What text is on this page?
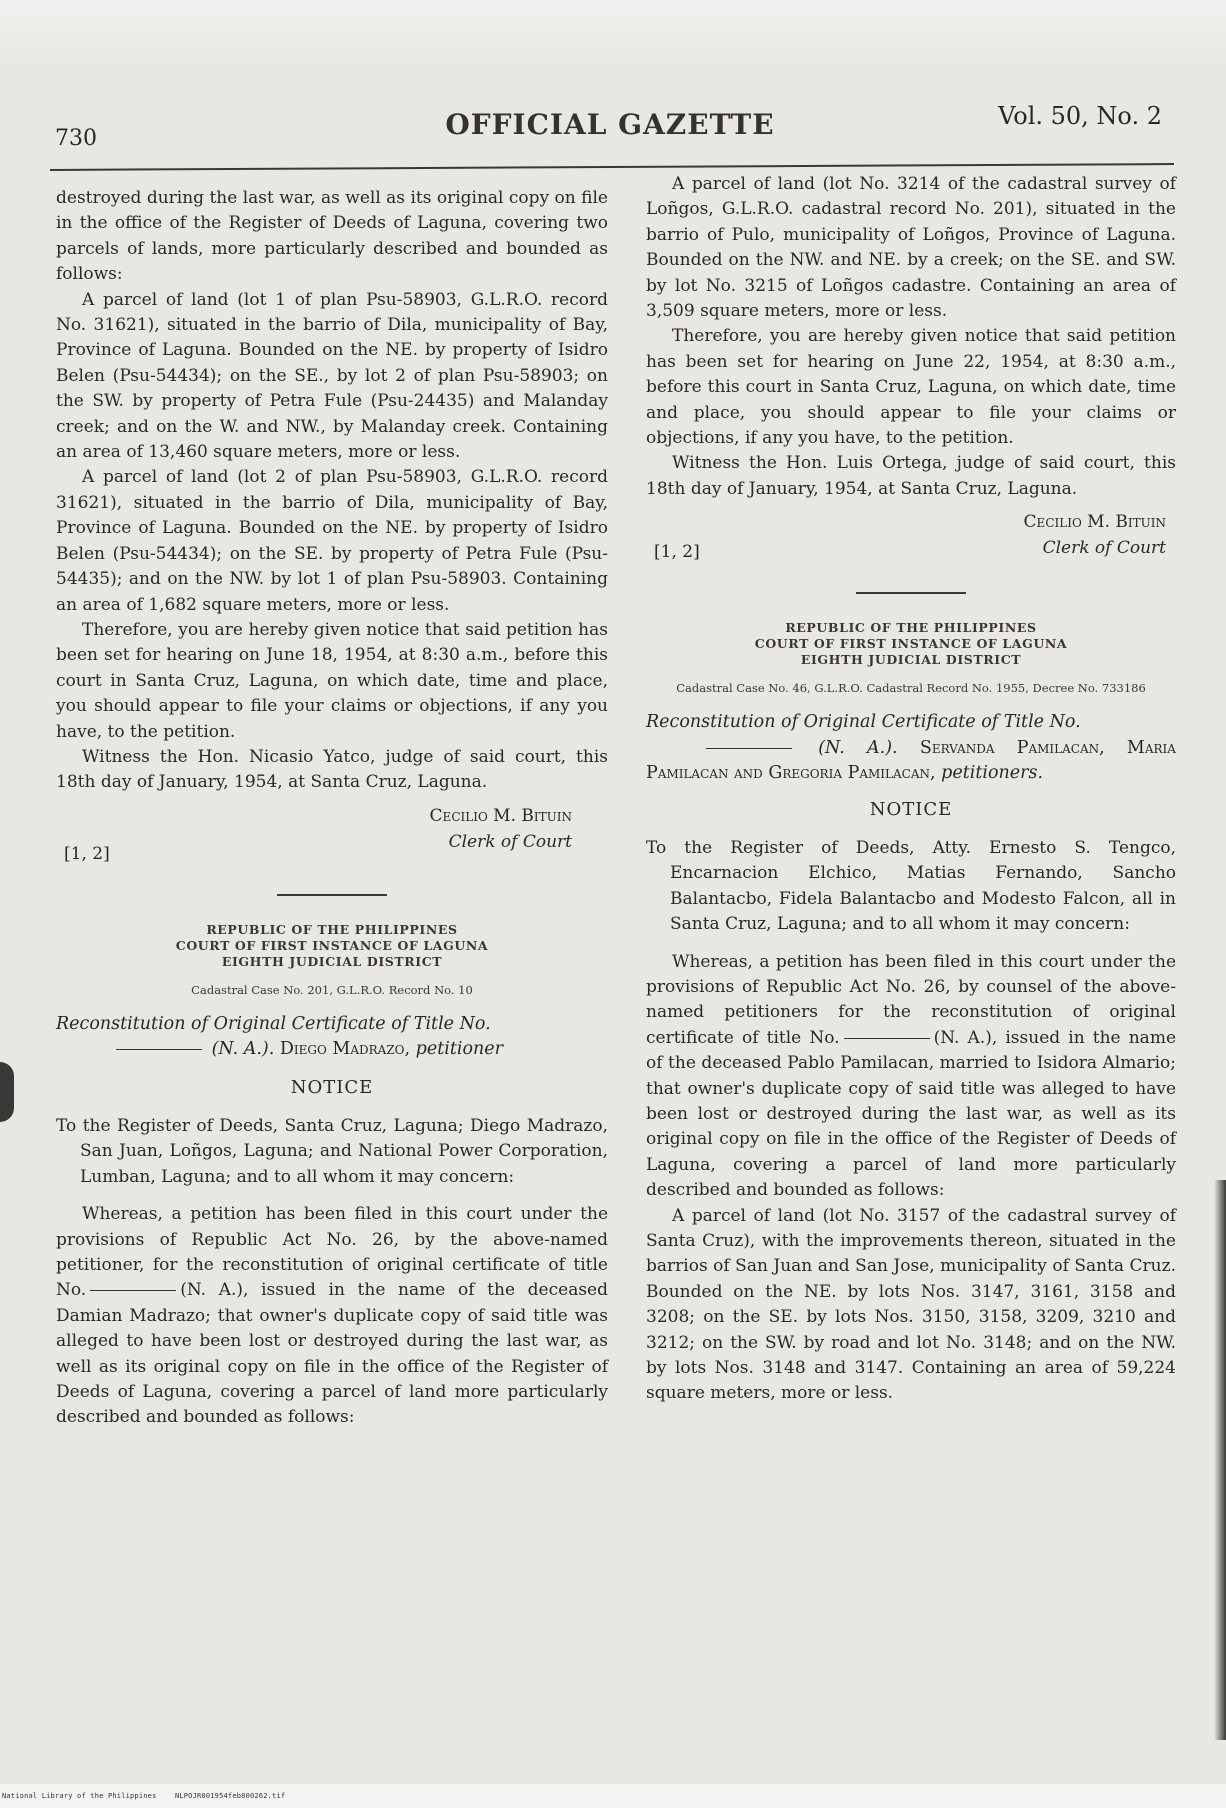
730	OFFICIAL GAZETTE	Vol. 50, No. 2

destroyed during the last war, as well as its original copy on file in the office of the Register of Deeds of Laguna, covering two parcels of lands, more particularly described and bounded as follows:

A parcel of land (lot 1 of plan Psu-58903, G.L.R.O. record No. 31621), situated in the barrio of Dila, municipality of Bay, Province of Laguna. Bounded on the NE. by property of Isidro Belen (Psu-54434); on the SE., by lot 2 of plan Psu-58903; on the SW. by property of Petra Fule (Psu-24435) and Malanday creek; and on the W. and NW., by Malanday creek. Containing an area of 13,460 square meters, more or less.

A parcel of land (lot 2 of plan Psu-58903, G.L.R.O. record 31621), situated in the barrio of Dila, municipality of Bay, Province of Laguna. Bounded on the NE. by property of Isidro Belen (Psu-54434); on the SE. by property of Petra Fule (Psu-54435); and on the NW. by lot 1 of plan Psu-58903. Containing an area of 1,682 square meters, more or less.

Therefore, you are hereby given notice that said petition has been set for hearing on June 18, 1954, at 8:30 a.m., before this court in Santa Cruz, Laguna, on which date, time and place, you should appear to file your claims or objections, if any you have, to the petition.

Witness the Hon. Nicasio Yatco, judge of said court, this 18th day of January, 1954, at Santa Cruz, Laguna.

Cecilio M. Bituin
Clerk of Court
[1, 2]
REPUBLIC OF THE PHILIPPINES
COURT OF FIRST INSTANCE OF LAGUNA
EIGHTH JUDICIAL DISTRICT
Cadastral Case No. 201, G.L.R.O. Record No. 10

Reconstitution of Original Certificate of Title No.
(N. A.). Diego Madrazo, petitioner

NOTICE

To the Register of Deeds, Santa Cruz, Laguna; Diego Madrazo, San Juan, Loñgos, Laguna; and National Power Corporation, Lumban, Laguna; and to all whom it may concern:

Whereas, a petition has been filed in this court under the provisions of Republic Act No. 26, by the above-named petitioner, for the reconstitution of original certificate of title No.	(N. A.), issued in the name of the deceased Damian Madrazo; that owner's duplicate copy of said title was alleged to have been lost or destroyed during the last war, as well as its original copy on file in the office of the Register of Deeds of Laguna, covering a parcel of land more particularly described and bounded as follows:

A parcel of land (lot No. 3214 of the cadastral survey of Loñgos, G.L.R.O. cadastral record No. 201), situated in the barrio of Pulo, municipality of Loñgos, Province of Laguna. Bounded on the NW. and NE. by a creek; on the SE. and SW. by lot No. 3215 of Loñgos cadastre. Containing an area of 3,509 square meters, more or less.

Therefore, you are hereby given notice that said petition has been set for hearing on June 22, 1954, at 8:30 a.m., before this court in Santa Cruz, Laguna, on which date, time and place, you should appear to file your claims or objections, if any you have, to the petition.

Witness the Hon. Luis Ortega, judge of said court, this 18th day of January, 1954, at Santa Cruz, Laguna.

Cecilio M. Bituin
Clerk of Court
[1, 2]
REPUBLIC OF THE PHILIPPINES
COURT OF FIRST INSTANCE OF LAGUNA
EIGHTH JUDICIAL DISTRICT
Cadastral Case No. 46, G.L.R.O. Cadastral Record No. 1955, Decree No. 733186

Reconstitution of Original Certificate of Title No.
(N. A.). Servanda Pamilacan, Maria Pamilacan and Gregoria Pamilacan, petitioners.

NOTICE

To the Register of Deeds, Atty. Ernesto S. Tengco, Encarnacion Elchico, Matias Fernando, Sancho Balantacbo, Fidela Balantacbo and Modesto Falcon, all in Santa Cruz, Laguna; and to all whom it may concern:

Whereas, a petition has been filed in this court under the provisions of Republic Act No. 26, by counsel of the above-named petitioners for the reconstitution of original certificate of title No.	(N. A.), issued in the name of the deceased Pablo Pamilacan, married to Isidora Almario; that owner's duplicate copy of said title was alleged to have been lost or destroyed during the last war, as well as its original copy on file in the office of the Register of Deeds of Laguna, covering a parcel of land more particularly described and bounded as follows:

A parcel of land (lot No. 3157 of the cadastral survey of Santa Cruz), with the improvements thereon, situated in the barrios of San Juan and San Jose, municipality of Santa Cruz. Bounded on the NE. by lots Nos. 3147, 3161, 3158 and 3208; on the SE. by lots Nos. 3150, 3158, 3209, 3210 and 3212; on the SW. by road and lot No. 3148; and on the NW. by lots Nos. 3148 and 3147. Containing an area of 59,224 square meters, more or less.

National Library of the Philippines	NLPOJR001954feb800262.tif
